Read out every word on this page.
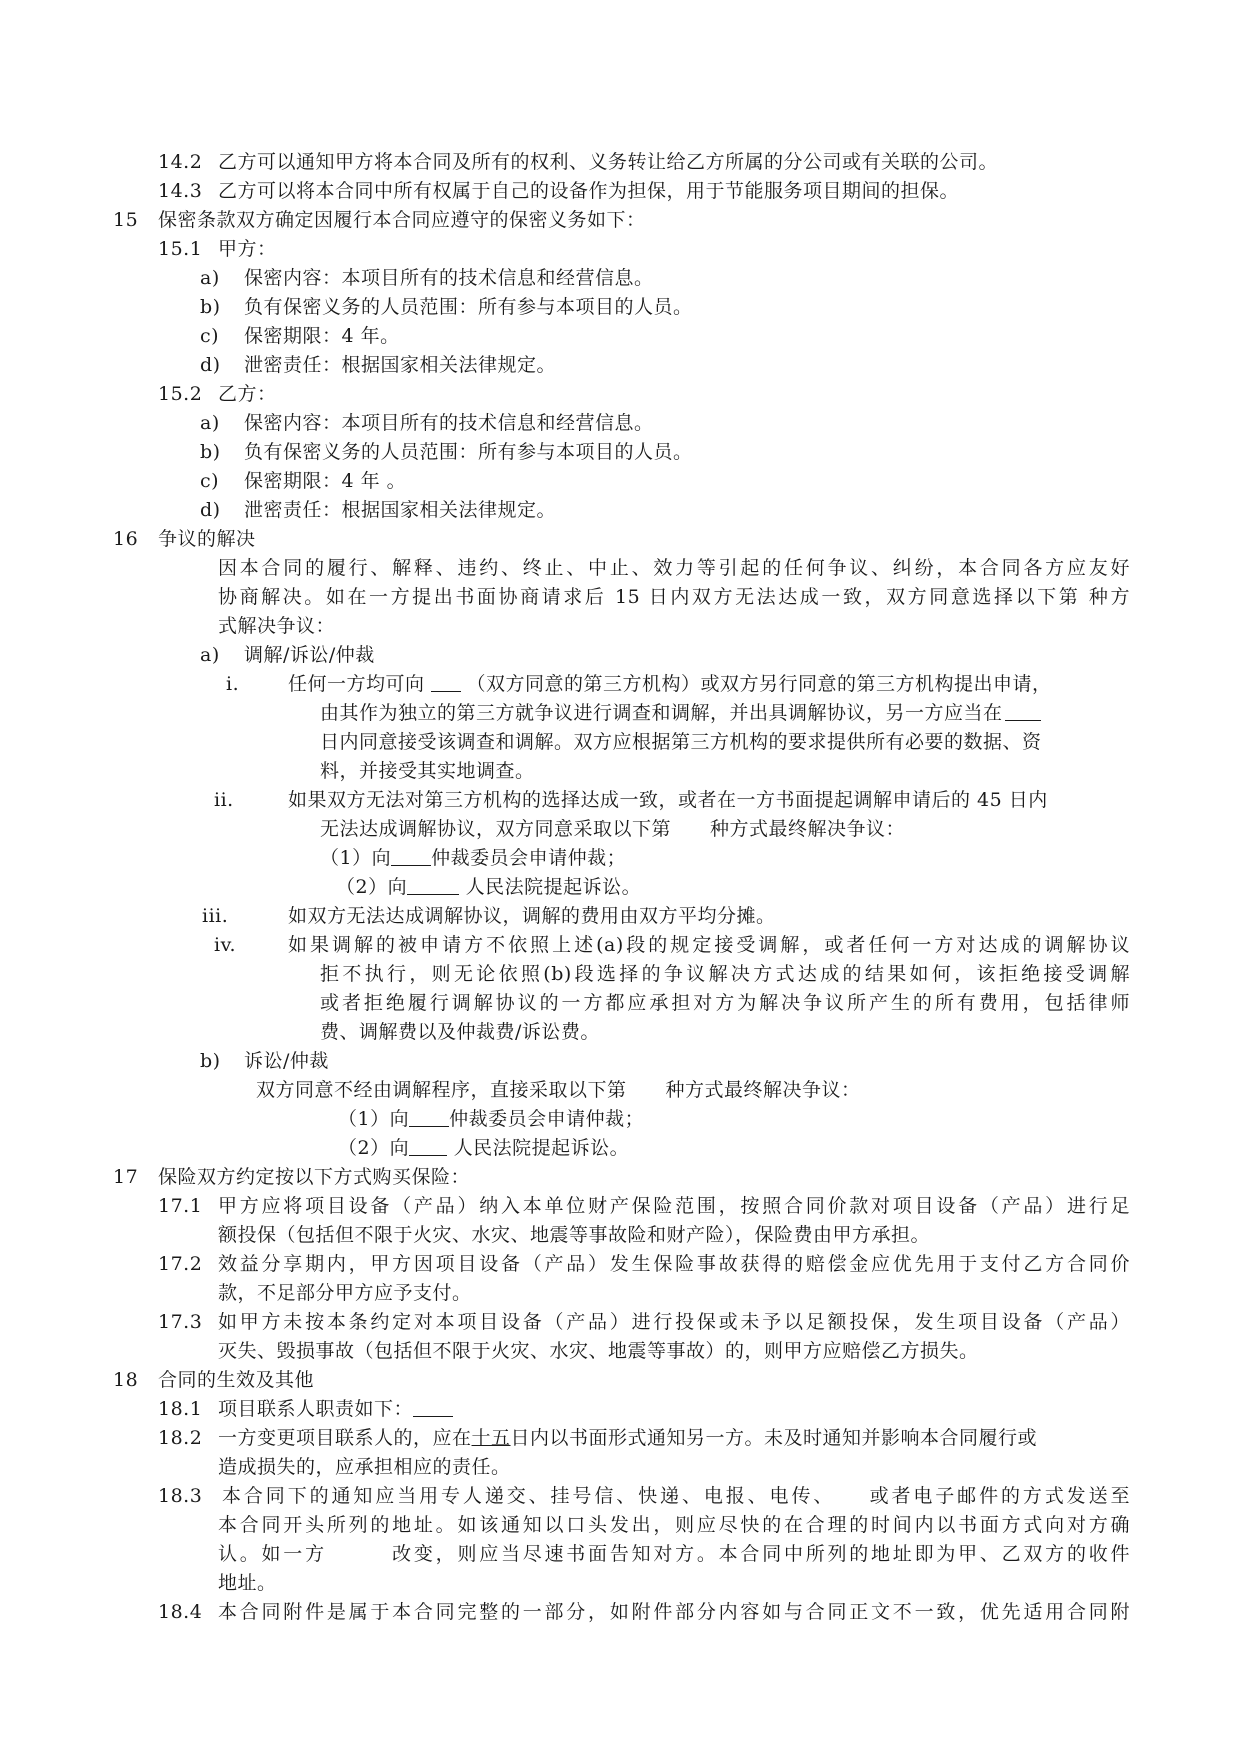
14.2 乙方可以通知甲方将本合同及所有的权利、义务转让给乙方所属的分公司或有关联的公司。
14.3 乙方可以将本合同中所有权属于自己的设备作为担保，用于节能服务项目期间的担保。
15 保密条款双方确定因履行本合同应遵守的保密义务如下：
15.1 甲方：
a) 保密内容：本项目所有的技术信息和经营信息。
b) 负有保密义务的人员范围：所有参与本项目的人员。
c) 保密期限：4 年。
d) 泄密责任：根据国家相关法律规定。
15.2 乙方：
a) 保密内容：本项目所有的技术信息和经营信息。
b) 负有保密义务的人员范围：所有参与本项目的人员。
c) 保密期限：4 年 。
d) 泄密责任：根据国家相关法律规定。
16 争议的解决
因本合同的履行、解释、违约、终止、中止、效力等引起的任何争议、纠纷，本合同各方应友好
协商解决。如在一方提出书面协商请求后 15 日内双方无法达成一致，双方同意选择以下第 种方
式解决争议：
a) 调解/诉讼/仲裁
i.	任何一方均可向 （双方同意的第三方机构）或双方另行同意的第三方机构提出申请，
由其作为独立的第三方就争议进行调查和调解，并出具调解协议，另一方应当在
日内同意接受该调查和调解。双方应根据第三方机构的要求提供所有必要的数据、资
料，并接受其实地调查。
ii.	如果双方无法对第三方机构的选择达成一致，或者在一方书面提起调解申请后的 45 日内
无法达成调解协议，双方同意采取以下第　　种方式最终解决争议：
（1）向 仲裁委员会申请仲裁；
（2）向	人民法院提起诉讼。
iii.	如双方无法达成调解协议，调解的费用由双方平均分摊。
iv.	如果调解的被申请方不依照上述(a)段的规定接受调解，或者任何一方对达成的调解协议
拒不执行，则无论依照(b)段选择的争议解决方式达成的结果如何，该拒绝接受调解
或者拒绝履行调解协议的一方都应承担对方为解决争议所产生的所有费用，包括律师
费、调解费以及仲裁费/诉讼费。
b) 诉讼/仲裁
双方同意不经由调解程序，直接采取以下第　　种方式最终解决争议：
（1）向 仲裁委员会申请仲裁；
（2）向 人民法院提起诉讼。
17 保险双方约定按以下方式购买保险：
17.1 甲方应将项目设备（产品）纳入本单位财产保险范围，按照合同价款对项目设备（产品）进行足
额投保（包括但不限于火灾、水灾、地震等事故险和财产险），保险费由甲方承担。
17.2 效益分享期内，甲方因项目设备（产品）发生保险事故获得的赔偿金应优先用于支付乙方合同价
款，不足部分甲方应予支付。
17.3 如甲方未按本条约定对本项目设备（产品）进行投保或未予以足额投保，发生项目设备（产品）
灭失、毁损事故（包括但不限于火灾、水灾、地震等事故）的，则甲方应赔偿乙方损失。
18 合同的生效及其他
18.1 项目联系人职责如下：
18.2 一方变更项目联系人的，应在十五日内以书面形式通知另一方。未及时通知并影响本合同履行或
造成损失的，应承担相应的责任。
18.3 本合同下的通知应当用专人递交、挂号信、快递、电报、电传、　　或者电子邮件的方式发送至
本合同开头所列的地址。如该通知以口头发出，则应尽快的在合理的时间内以书面方式向对方确
认。如一方　　　改变，则应当尽速书面告知对方。本合同中所列的地址即为甲、乙双方的收件
地址。
18.4 本合同附件是属于本合同完整的一部分，如附件部分内容如与合同正文不一致，优先适用合同附
